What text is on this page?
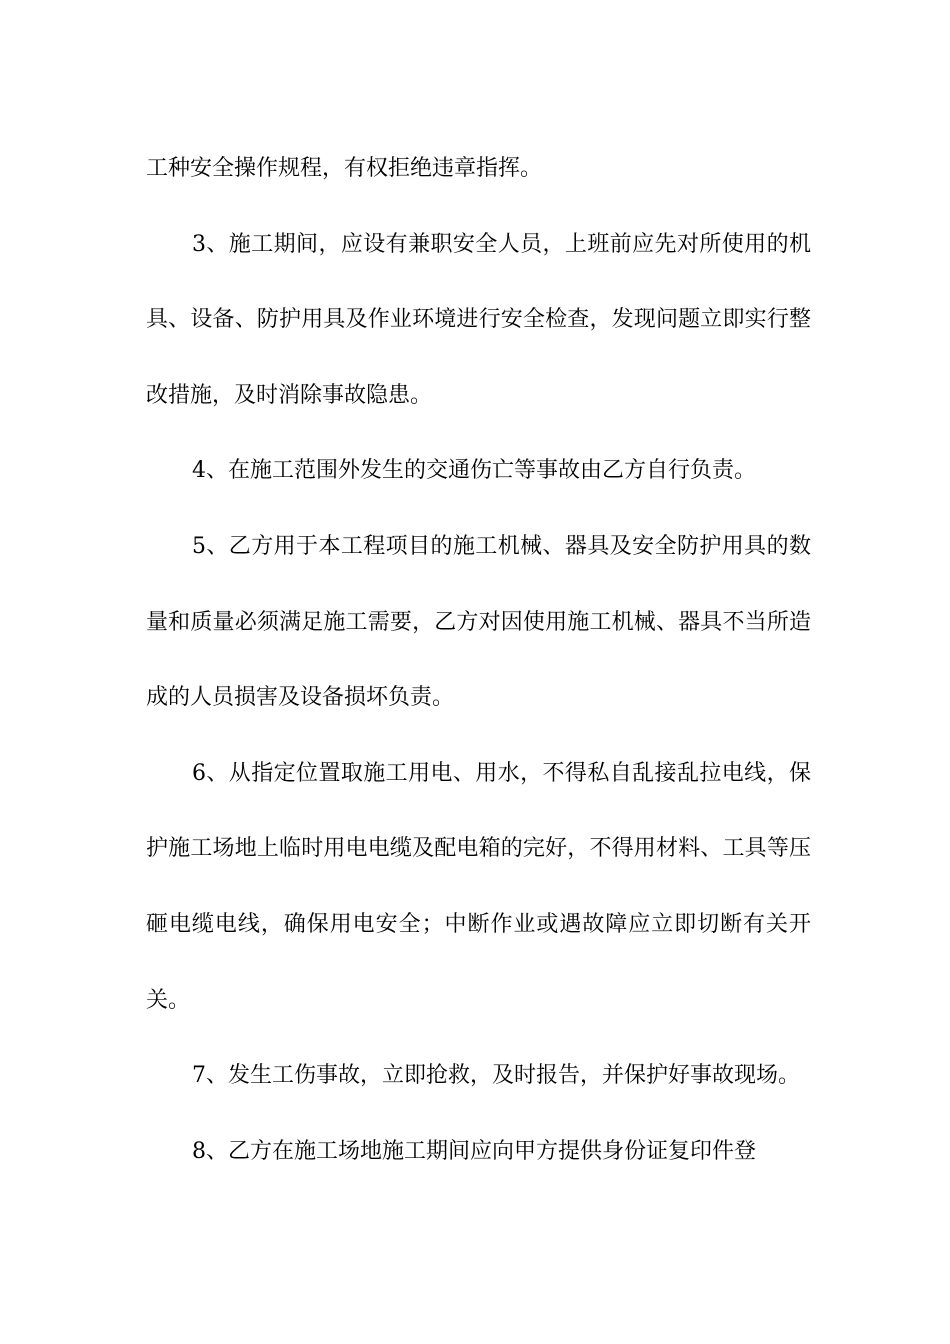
工种安全操作规程，有权拒绝违章指挥。

3、施工期间，应设有兼职安全人员，上班前应先对所使用的机具、设备、防护用具及作业环境进行安全检查，发现问题立即实行整改措施，及时消除事故隐患。

4、在施工范围外发生的交通伤亡等事故由乙方自行负责。

5、乙方用于本工程项目的施工机械、器具及安全防护用具的数量和质量必须满足施工需要，乙方对因使用施工机械、器具不当所造成的人员损害及设备损坏负责。

6、从指定位置取施工用电、用水，不得私自乱接乱拉电线，保护施工场地上临时用电电缆及配电箱的完好，不得用材料、工具等压砸电缆电线，确保用电安全；中断作业或遇故障应立即切断有关开关。

7、发生工伤事故，立即抢救，及时报告，并保护好事故现场。

8、乙方在施工场地施工期间应向甲方提供身份证复印件登
